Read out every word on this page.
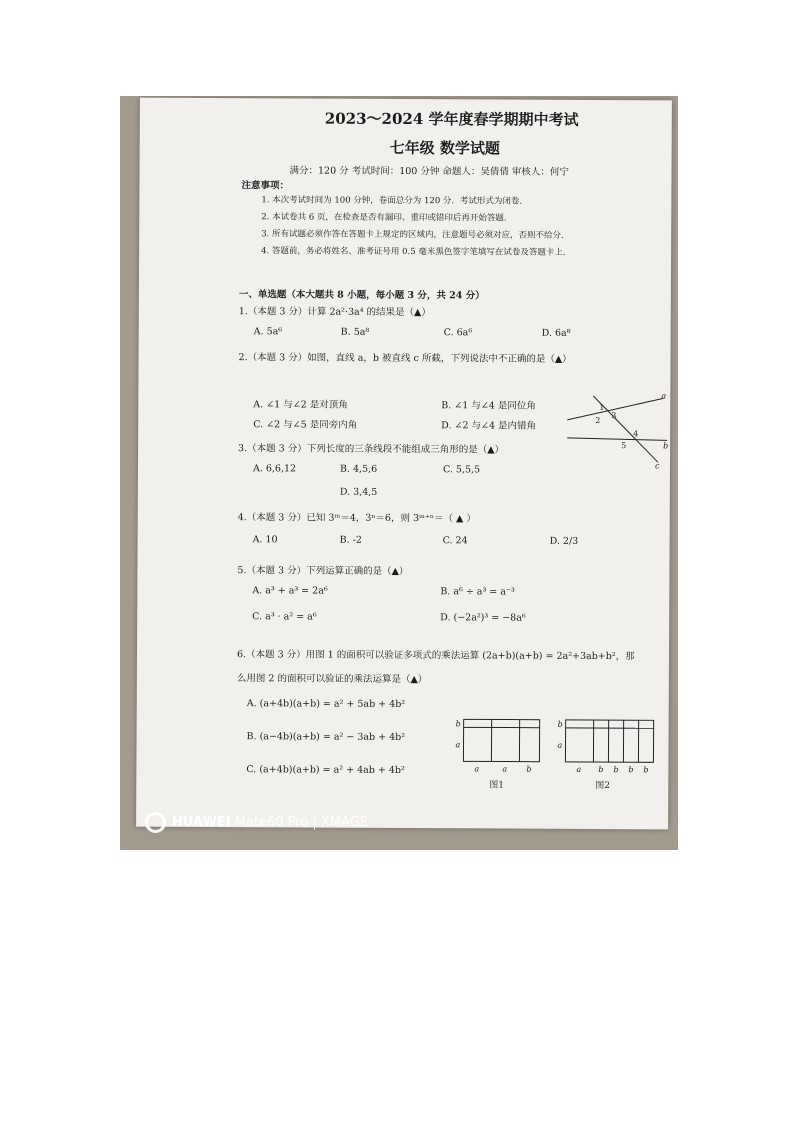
2023～2024 学年度春学期期中考试
七年级 数学试题
满分：120 分 考试时间：100 分钟 命题人：吴倩倩 审核人：何宁
注意事项：
1. 本次考试时间为 100 分钟，卷面总分为 120 分．考试形式为闭卷.
2. 本试卷共 6 页，在检查是否有漏印、重印或错印后再开始答题.
3. 所有试题必须作答在答题卡上规定的区域内，注意题号必须对应，否则不给分.
4. 答题前，务必将姓名、准考证号用 0.5 毫米黑色签字笔填写在试卷及答题卡上.
一、单选题（本大题共 8 小题，每小题 3 分，共 24 分）
1.（本题 3 分）计算 2a²·3a⁴ 的结果是（▲）
A. 5a⁶	B. 5a⁸	C. 6a⁶	D. 6a⁸
2.（本题 3 分）如图，直线 a，b 被直线 c 所截，下列说法中不正确的是（▲）
A. ∠1 与∠2 是对顶角	B. ∠1 与∠4 是同位角
C. ∠2 与∠5 是同旁内角	D. ∠2 与∠4 是内错角
1
3
2
4
5
a
b
c
3.（本题 3 分）下列长度的三条线段不能组成三角形的是（▲）
A. 6,6,12	B. 4,5,6	C. 5,5,5
D. 3,4,5
4.（本题 3 分）已知 3ᵐ＝4，3ⁿ＝6，则 3ᵐ⁺ⁿ＝（ ▲ ）
A. 10	B. -2	C. 24	D. 2/3
5.（本题 3 分）下列运算正确的是（▲）
A. a³ + a³ = 2a⁶	B. a⁶ ÷ a³ = a⁻³
C. a³ · a² = a⁶	D. (−2a²)³ = −8a⁶
6.（本题 3 分）用图 1 的面积可以验证多项式的乘法运算 (2a+b)(a+b) = 2a²+3ab+b²，那
么用图 2 的面积可以验证的乘法运算是（▲）
A. (a+4b)(a+b) = a² + 5ab + 4b²
B. (a−4b)(a+b) = a² − 3ab + 4b²
C. (a+4b)(a+b) = a² + 4ab + 4b²
b
a
a	a b
图1
b
a
a b b b b
图2
HUAWEI Mate60 Pro | XMAGE
